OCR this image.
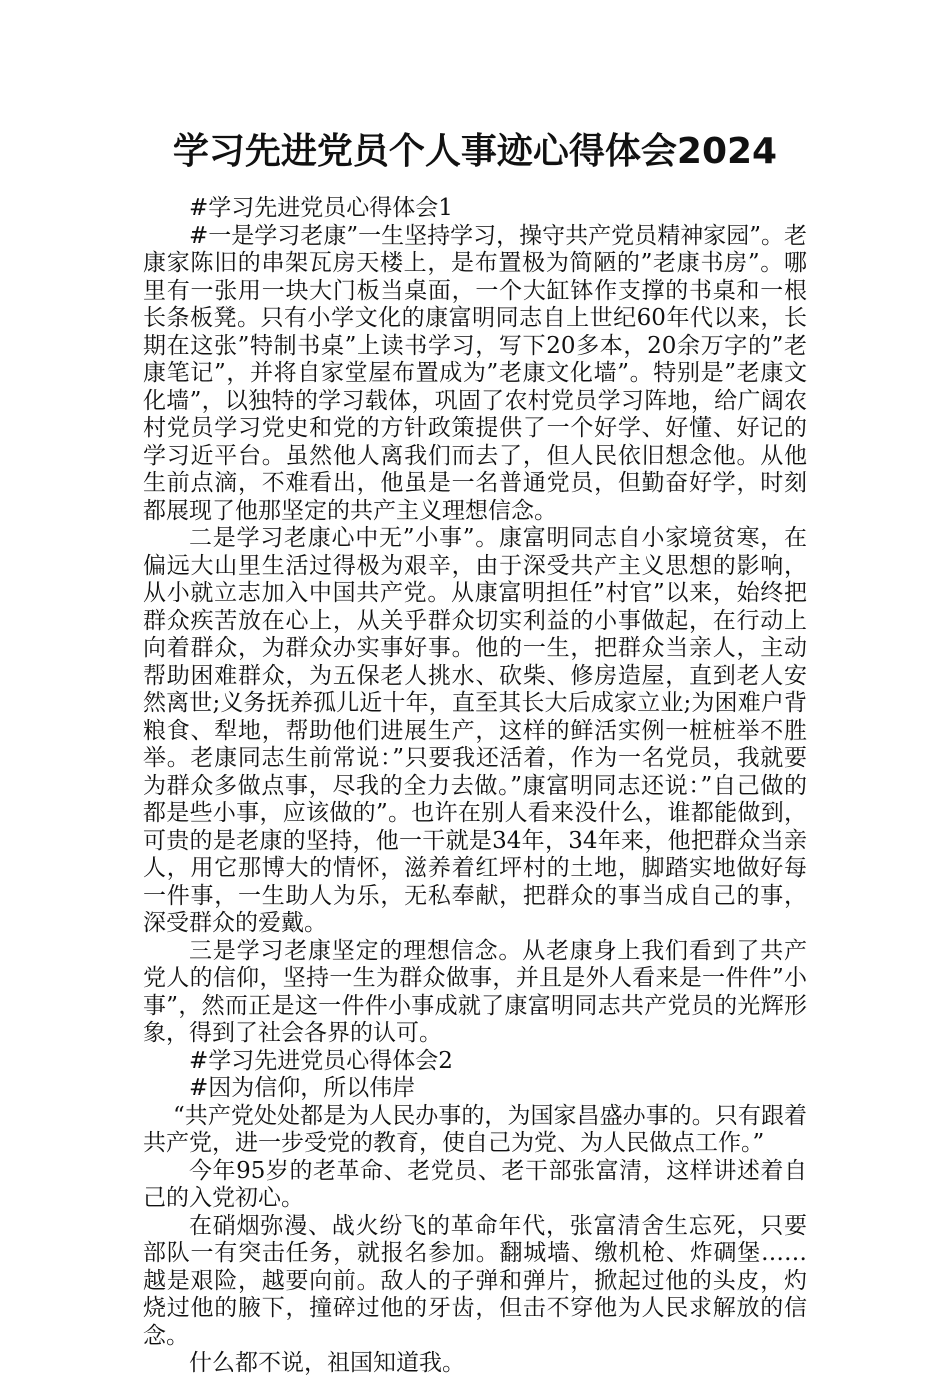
学习先进党员个人事迹心得体会2024

#学习先进党员心得体会1

#一是学习老康”一生坚持学习，操守共产党员精神家园”。老康家陈旧的串架瓦房天楼上，是布置极为简陋的”老康书房”。哪里有一张用一块大门板当桌面，一个大缸钵作支撑的书桌和一根长条板凳。只有小学文化的康富明同志自上世纪60年代以来，长期在这张”特制书桌”上读书学习，写下20多本，20余万字的”老康笔记”，并将自家堂屋布置成为”老康文化墙”。特别是”老康文化墙”，以独特的学习载体，巩固了农村党员学习阵地，给广阔农村党员学习党史和党的方针政策提供了一个好学、好懂、好记的学习近平台。虽然他人离我们而去了，但人民依旧想念他。从他生前点滴，不难看出，他虽是一名普通党员，但勤奋好学，时刻都展现了他那坚定的共产主义理想信念。

二是学习老康心中无”小事”。康富明同志自小家境贫寒，在偏远大山里生活过得极为艰辛，由于深受共产主义思想的影响，从小就立志加入中国共产党。从康富明担任”村官”以来，始终把群众疾苦放在心上，从关乎群众切实利益的小事做起，在行动上向着群众，为群众办实事好事。他的一生，把群众当亲人，主动帮助困难群众，为五保老人挑水、砍柴、修房造屋，直到老人安然离世;义务抚养孤儿近十年，直至其长大后成家立业;为困难户背粮食、犁地，帮助他们进展生产，这样的鲜活实例一桩桩举不胜举。老康同志生前常说：”只要我还活着，作为一名党员，我就要为群众多做点事，尽我的全力去做。”康富明同志还说：”自己做的都是些小事，应该做的”。也许在别人看来没什么，谁都能做到，可贵的是老康的坚持，他一干就是34年，34年来，他把群众当亲人，用它那博大的情怀，滋养着红坪村的土地，脚踏实地做好每一件事，一生助人为乐，无私奉献，把群众的事当成自己的事，深受群众的爱戴。

三是学习老康坚定的理想信念。从老康身上我们看到了共产党人的信仰，坚持一生为群众做事，并且是外人看来是一件件”小事”，然而正是这一件件小事成就了康富明同志共产党员的光辉形象，得到了社会各界的认可。

#学习先进党员心得体会2

#因为信仰，所以伟岸

“共产党处处都是为人民办事的，为国家昌盛办事的。只有跟着共产党，进一步受党的教育，使自己为党、为人民做点工作。”

今年95岁的老革命、老党员、老干部张富清，这样讲述着自己的入党初心。

在硝烟弥漫、战火纷飞的革命年代，张富清舍生忘死，只要部队一有突击任务，就报名参加。翻城墙、缴机枪、炸碉堡……越是艰险，越要向前。敌人的子弹和弹片，掀起过他的头皮，灼烧过他的腋下，撞碎过他的牙齿，但击不穿他为人民求解放的信念。

什么都不说，祖国知道我。
